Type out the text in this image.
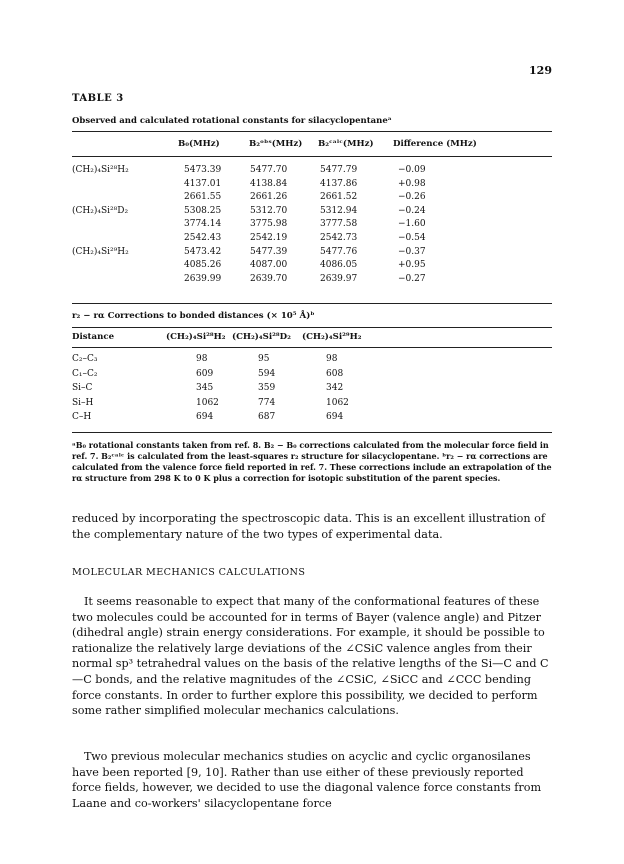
129
TABLE 3
Observed and calculated rotational constants for silacyclopentaneᵃ
B₀(MHz)	B₂ᵒᵇˢ(MHz) B₂ᶜᵃˡᶜ(MHz) Difference (MHz)
(CH₂)₄Si²⁸H₂	5473.39	5477.70	5477.79	−0.09
4137.01	4138.84	4137.86	+0.98
2661.55	2661.26	2661.52	−0.26
(CH₂)₄Si²⁸D₂	5308.25	5312.70	5312.94	−0.24
3774.14	3775.98	3777.58	−1.60
2542.43	2542.19	2542.73	−0.54
(CH₂)₄Si²⁹H₂	5473.42	5477.39	5477.76	−0.37
4085.26	4087.00	4086.05	+0.95
2639.99	2639.70	2639.97	−0.27
r₂ − rα Corrections to bonded distances (× 10⁵ Å)ᵇ
Distance	(CH₂)₄Si²⁸H₂ (CH₂)₄Si²⁸D₂ (CH₂)₄Si²⁹H₂
C₂–C₃	98	95	98
C₁–C₂	609	594	608
Si–C	345	359	342
Si–H	1062	774	1062
C–H	694	687	694
ᵃB₀ rotational constants taken from ref. 8. B₂ − B₀ corrections calculated from the molecular force field in ref. 7. B₂ᶜᵃˡᶜ is calculated from the least-squares r₂ structure for silacyclopentane. ᵇr₂ − rα corrections are calculated from the valence force field reported in ref. 7. These corrections include an extrapolation of the rα structure from 298 K to 0 K plus a correction for isotopic substitution of the parent species.
reduced by incorporating the spectroscopic data. This is an excellent illustration of the complementary nature of the two types of experimental data.
MOLECULAR MECHANICS CALCULATIONS
It seems reasonable to expect that many of the conformational features of these two molecules could be accounted for in terms of Bayer (valence angle) and Pitzer (dihedral angle) strain energy considerations. For example, it should be possible to rationalize the relatively large deviations of the ∠CSiC valence angles from their normal sp³ tetrahedral values on the basis of the relative lengths of the Si—C and C—C bonds, and the relative magnitudes of the ∠CSiC, ∠SiCC and ∠CCC bending force constants. In order to further explore this possibility, we decided to perform some rather simplified molecular mechanics calculations.
Two previous molecular mechanics studies on acyclic and cyclic organosilanes have been reported [9, 10]. Rather than use either of these previously reported force fields, however, we decided to use the diagonal valence force constants from Laane and co-workers' silacyclopentane force
